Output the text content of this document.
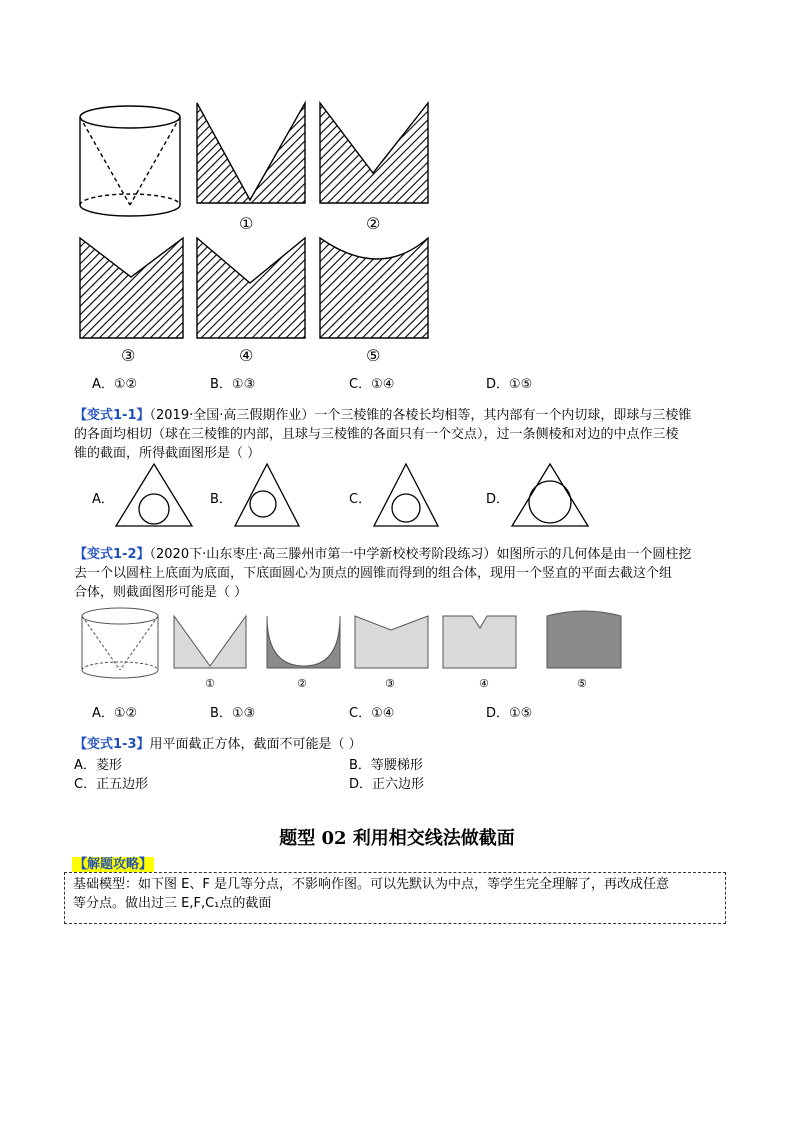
①	②
③	④	⑤
A．①②	B．①③	C．①④	D．①⑤
【变式1-1】（2019·全国·高三假期作业）一个三棱锥的各棱长均相等，其内部有一个内切球，即球与三棱锥
的各面均相切（球在三棱锥的内部，且球与三棱锥的各面只有一个交点），过一条侧棱和对边的中点作三棱
锥的截面，所得截面图形是（ ）
A．	B．	C．	D．
【变式1-2】（2020下·山东枣庄·高三滕州市第一中学新校校考阶段练习）如图所示的几何体是由一个圆柱挖
去一个以圆柱上底面为底面，下底面圆心为顶点的圆锥而得到的组合体，现用一个竖直的平面去截这个组
合体，则截面图形可能是（ ）
①	②	③	④	⑤
A．①②	B．①③	C．①④	D．①⑤
【变式1-3】用平面截正方体，截面不可能是（ ）
A．菱形	B．等腰梯形
C．正五边形	D．正六边形
题型 02 利用相交线法做截面
【解题攻略】
基础模型：如下图 E、F 是几等分点，不影响作图。可以先默认为中点，等学生完全理解了，再改成任意
等分点。做出过三 E,F,C₁点的截面
